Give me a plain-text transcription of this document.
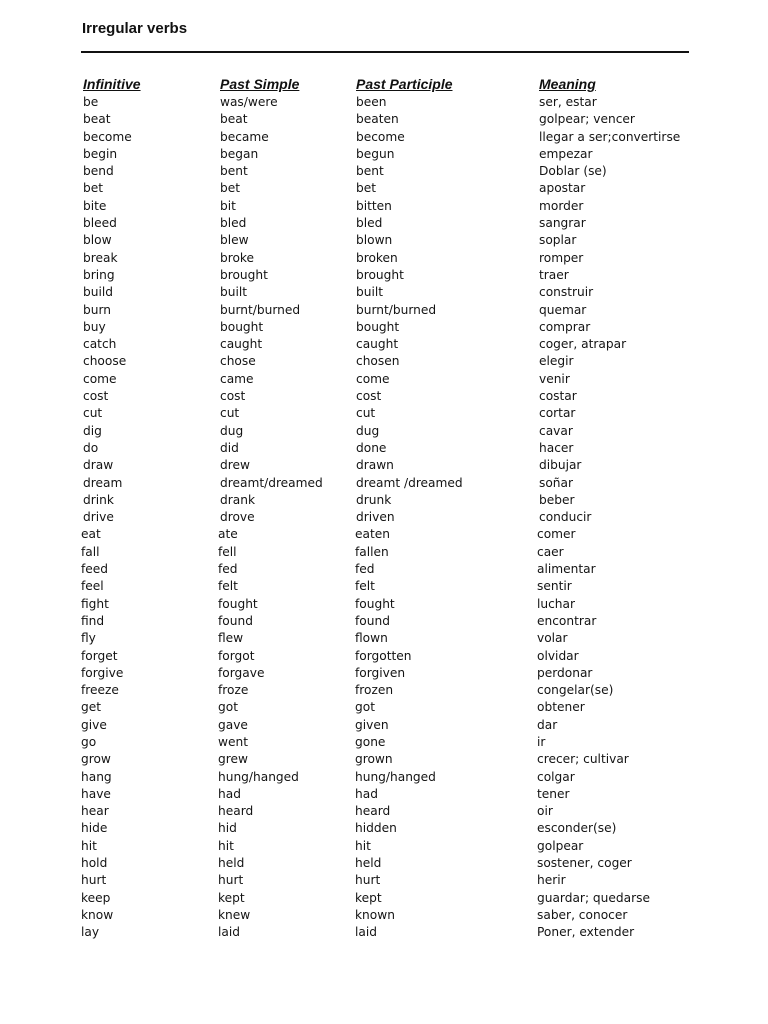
Irregular verbs
Infinitive	Past Simple	Past Participle	Meaning
be	was/were	been	ser, estar
beat	beat	beaten	golpear; vencer
become	became	become	llegar a ser;convertirse
begin	began	begun	empezar
bend	bent	bent	Doblar (se)
bet	bet	bet	apostar
bite	bit	bitten	morder
bleed	bled	bled	sangrar
blow	blew	blown	soplar
break	broke	broken	romper
bring	brought	brought	traer
build	built	built	construir
burn	burnt/burned	burnt/burned	quemar
buy	bought	bought	comprar
catch	caught	caught	coger, atrapar
choose	chose	chosen	elegir
come	came	come	venir
cost	cost	cost	costar
cut	cut	cut	cortar
dig	dug	dug	cavar
do	did	done	hacer
draw	drew	drawn	dibujar
dream	dreamt/dreamed	dreamt /dreamed	soñar
drink	drank	drunk	beber
drive	drove	driven	conducir
eat	ate	eaten	comer
fall	fell	fallen	caer
feed	fed	fed	alimentar
feel	felt	felt	sentir
fight	fought	fought	luchar
find	found	found	encontrar
fly	flew	flown	volar
forget	forgot	forgotten	olvidar
forgive	forgave	forgiven	perdonar
freeze	froze	frozen	congelar(se)
get	got	got	obtener
give	gave	given	dar
go	went	gone	ir
grow	grew	grown	crecer; cultivar
hang	hung/hanged	hung/hanged	colgar
have	had	had	tener
hear	heard	heard	oir
hide	hid	hidden	esconder(se)
hit	hit	hit	golpear
hold	held	held	sostener, coger
hurt	hurt	hurt	herir
keep	kept	kept	guardar; quedarse
know	knew	known	saber, conocer
lay	laid	laid	Poner, extender
